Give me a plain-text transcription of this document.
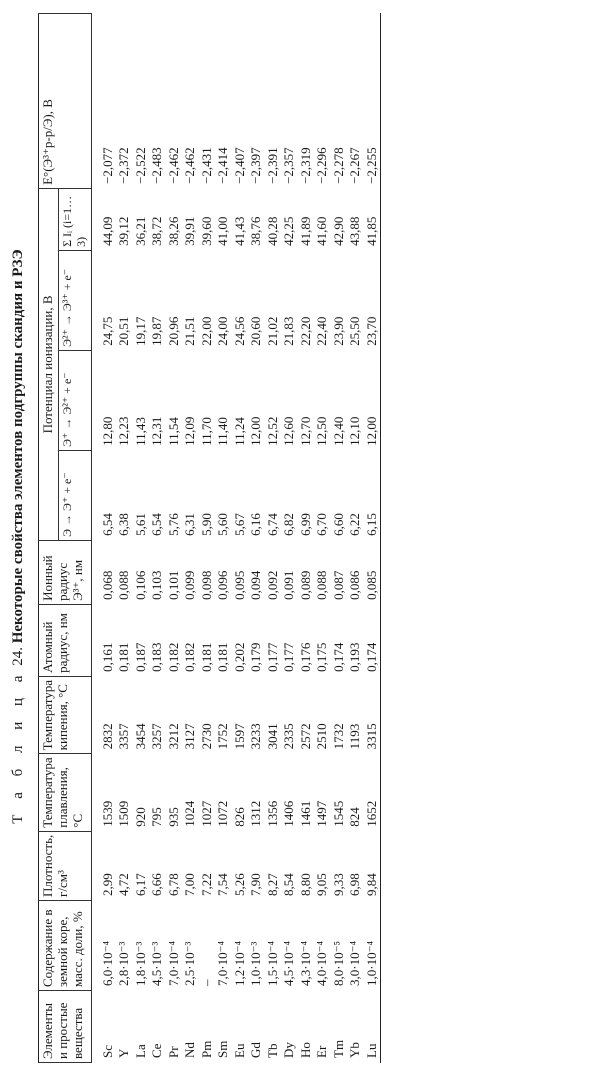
Т а б л и ц а 24. Некоторые свойства элементов подгруппы скандия и РЗЭ
Элементы и простые вещества	Содержание в земной коре, масс. доли, %	Плотность, г/см³	Температура плавления, °С	Температура кипения, °С	Атомный радиус, нм	Ионный радиус Э³⁺, нм	Потенциал ионизации, В				E°(Э³⁺р-р/Э), В
							Э → Э⁺ + e⁻	Э⁺ → Э²⁺ + e⁻	Э²⁺ → Э³⁺ + e⁻	Σ Iᵢ (i=1…3)	
Sc	6,0·10⁻⁴	2,99	1539	2832	0,161	0,068	6,54	12,80	24,75	44,09	−2,077
Y	2,8·10⁻³	4,72	1509	3357	0,181	0,088	6,38	12,23	20,51	39,12	−2,372
La	1,8·10⁻³	6,17	920	3454	0,187	0,106	5,61	11,43	19,17	36,21	−2,522
Ce	4,5·10⁻³	6,66	795	3257	0,183	0,103	6,54	12,31	19,87	38,72	−2,483
Pr	7,0·10⁻⁴	6,78	935	3212	0,182	0,101	5,76	11,54	20,96	38,26	−2,462
Nd	2,5·10⁻³	7,00	1024	3127	0,182	0,099	6,31	12,09	21,51	39,91	−2,462
Pm	–	7,22	1027	2730	0,181	0,098	5,90	11,70	22,00	39,60	−2,431
Sm	7,0·10⁻⁴	7,54	1072	1752	0,181	0,096	5,60	11,40	24,00	41,00	−2,414
Eu	1,2·10⁻⁴	5,26	826	1597	0,202	0,095	5,67	11,24	24,56	41,43	−2,407
Gd	1,0·10⁻³	7,90	1312	3233	0,179	0,094	6,16	12,00	20,60	38,76	−2,397
Tb	1,5·10⁻⁴	8,27	1356	3041	0,177	0,092	6,74	12,52	21,02	40,28	−2,391
Dy	4,5·10⁻⁴	8,54	1406	2335	0,177	0,091	6,82	12,60	21,83	42,25	−2,357
Ho	4,3·10⁻⁴	8,80	1461	2572	0,176	0,089	6,99	12,70	22,20	41,89	−2,319
Er	4,0·10⁻⁴	9,05	1497	2510	0,175	0,088	6,70	12,50	22,40	41,60	−2,296
Tm	8,0·10⁻⁵	9,33	1545	1732	0,174	0,087	6,60	12,40	23,90	42,90	−2,278
Yb	3,0·10⁻⁴	6,98	824	1193	0,193	0,086	6,22	12,10	25,50	43,88	−2,267
Lu	1,0·10⁻⁴	9,84	1652	3315	0,174	0,085	6,15	12,00	23,70	41,85	−2,255
